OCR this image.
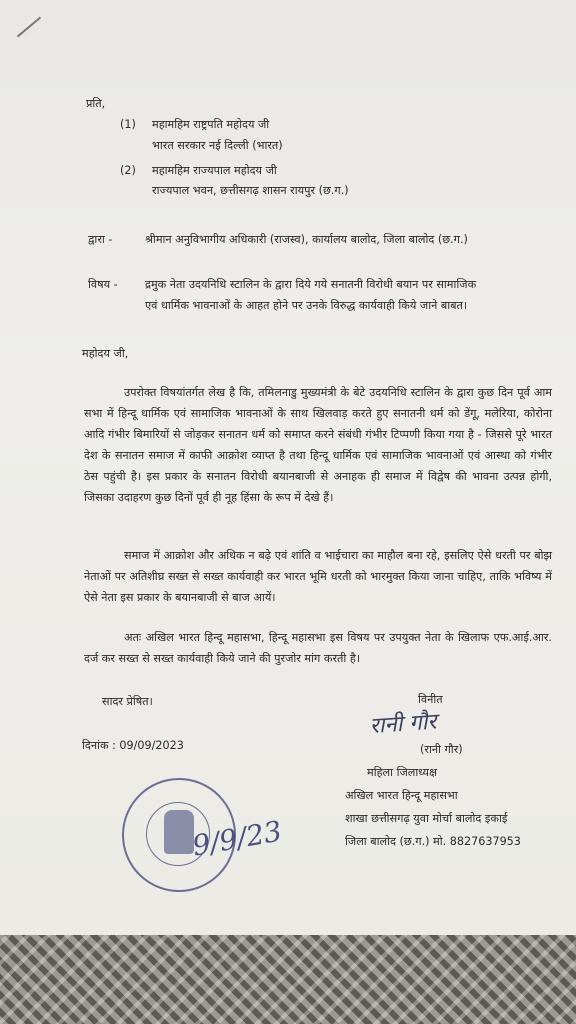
प्रति,
(1) महामहिम राष्ट्रपति महोदय जी
भारत सरकार नई दिल्ली (भारत)
(2) महामहिम राज्यपाल महोदय जी
राज्यपाल भवन, छत्तीसगढ़ शासन रायपुर (छ.ग.)
द्वारा -	श्रीमान अनुविभागीय अधिकारी (राजस्व), कार्यालय बालोद, जिला बालोद (छ.ग.)
विषय - द्रमुक नेता उदयनिधि स्टालिन के द्वारा दिये गये सनातनी विरोधी बयान पर सामाजिक
एवं धार्मिक भावनाओं के आहत होने पर उनके विरुद्ध कार्यवाही किये जाने बाबत।
महोदय जी,
उपरोक्त विषयांतर्गत लेख है कि, तमिलनाडु मुख्यमंत्री के बेटे उदयनिधि स्टालिन के द्वारा कुछ दिन पूर्व आम सभा में हिन्दू धार्मिक एवं सामाजिक भावनाओं के साथ खिलवाड़ करते हुए सनातनी धर्म को डेंगू, मलेरिया, कोरोना आदि गंभीर बिमारियों से जोड़कर सनातन धर्म को समाप्त करने संबंधी गंभीर टिप्पणी किया गया है - जिससे पूरे भारत देश के सनातन समाज में काफी आक्रोश व्याप्त है तथा हिन्दू धार्मिक एवं सामाजिक भावनाओं एवं आस्था को गंभीर ठेस पहुंची है। इस प्रकार के सनातन विरोधी बयानबाजी से अनाहक ही समाज में विद्वेष की भावना उत्पन्न होगी, जिसका उदाहरण कुछ दिनों पूर्व ही नूह हिंसा के रूप में देखे हैं।
समाज में आक्रोश और अधिक न बढ़े एवं शांति व भाईचारा का माहौल बना रहे, इसलिए ऐसे धरती पर बोझ नेताओं पर अतिशीघ्र सख्त से सख्त कार्यवाही कर भारत भूमि धरती को भारमुक्त किया जाना चाहिए, ताकि भविष्य में ऐसे नेता इस प्रकार के बयानबाजी से बाज आयें।
अतः अखिल भारत हिन्दू महासभा, हिन्दू महासभा इस विषय पर उपयुक्त नेता के खिलाफ एफ.आई.आर. दर्ज कर सख्त से सख्त कार्यवाही किये जाने की पुरजोर मांग करती है।
सादर प्रेषित।	विनीत
रानी गौर
(रानी गौर)
दिनांक : 09/09/2023
महिला जिलाध्यक्ष
अखिल भारत हिन्दू महासभा
शाखा छत्तीसगढ़ युवा मोर्चा बालोद इकाई
जिला बालोद (छ.ग.) मो. 8827637953
9/9/23
